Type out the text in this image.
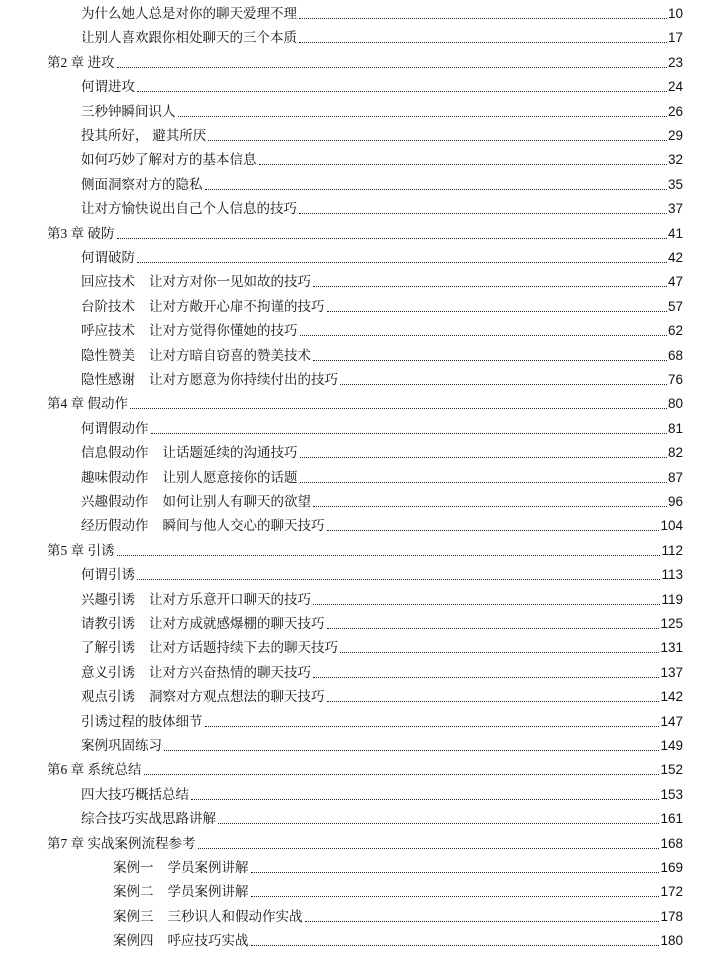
为什么她人总是对你的聊天爱理不理	10
让别人喜欢跟你相处聊天的三个本质	17
第2 章 进攻	23
何谓进攻	24
三秒钟瞬间识人	26
投其所好， 避其所厌	29
如何巧妙了解对方的基本信息	32
侧面洞察对方的隐私	35
让对方愉快说出自己个人信息的技巧	37
第3 章 破防	41
何谓破防	42
回应技术 让对方对你一见如故的技巧	47
台阶技术 让对方敞开心扉不拘谨的技巧	57
呼应技术 让对方觉得你懂她的技巧	62
隐性赞美 让对方暗自窃喜的赞美技术	68
隐性感谢 让对方愿意为你持续付出的技巧	76
第4 章 假动作	80
何谓假动作	81
信息假动作 让话题延续的沟通技巧	82
趣味假动作 让别人愿意接你的话题	87
兴趣假动作 如何让别人有聊天的欲望	96
经历假动作 瞬间与他人交心的聊天技巧	104
第5 章 引诱	112
何谓引诱	113
兴趣引诱 让对方乐意开口聊天的技巧	119
请教引诱 让对方成就感爆棚的聊天技巧	125
了解引诱 让对方话题持续下去的聊天技巧	131
意义引诱 让对方兴奋热情的聊天技巧	137
观点引诱 洞察对方观点想法的聊天技巧	142
引诱过程的肢体细节	147
案例巩固练习	149
第6 章 系统总结	152
四大技巧概括总结	153
综合技巧实战思路讲解	161
第7 章 实战案例流程参考	168
案例一 学员案例讲解	169
案例二 学员案例讲解	172
案例三 三秒识人和假动作实战	178
案例四 呼应技巧实战	180
